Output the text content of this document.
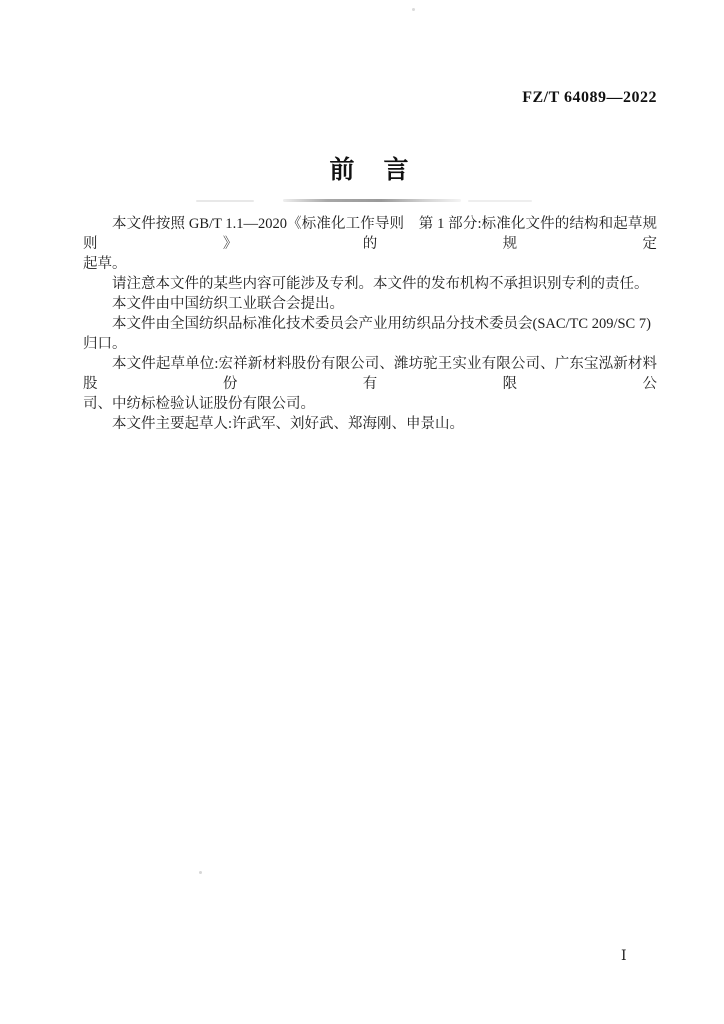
FZ/T 64089—2022
前　言
本文件按照 GB/T 1.1—2020《标准化工作导则　第 1 部分:标准化文件的结构和起草规则》的规定
起草。
请注意本文件的某些内容可能涉及专利。本文件的发布机构不承担识别专利的责任。
本文件由中国纺织工业联合会提出。
本文件由全国纺织品标准化技术委员会产业用纺织品分技术委员会(SAC/TC 209/SC 7)归口。
本文件起草单位:宏祥新材料股份有限公司、潍坊驼王实业有限公司、广东宝泓新材料股份有限公
司、中纺标检验认证股份有限公司。
本文件主要起草人:许武军、刘好武、郑海刚、申景山。
Ⅰ
